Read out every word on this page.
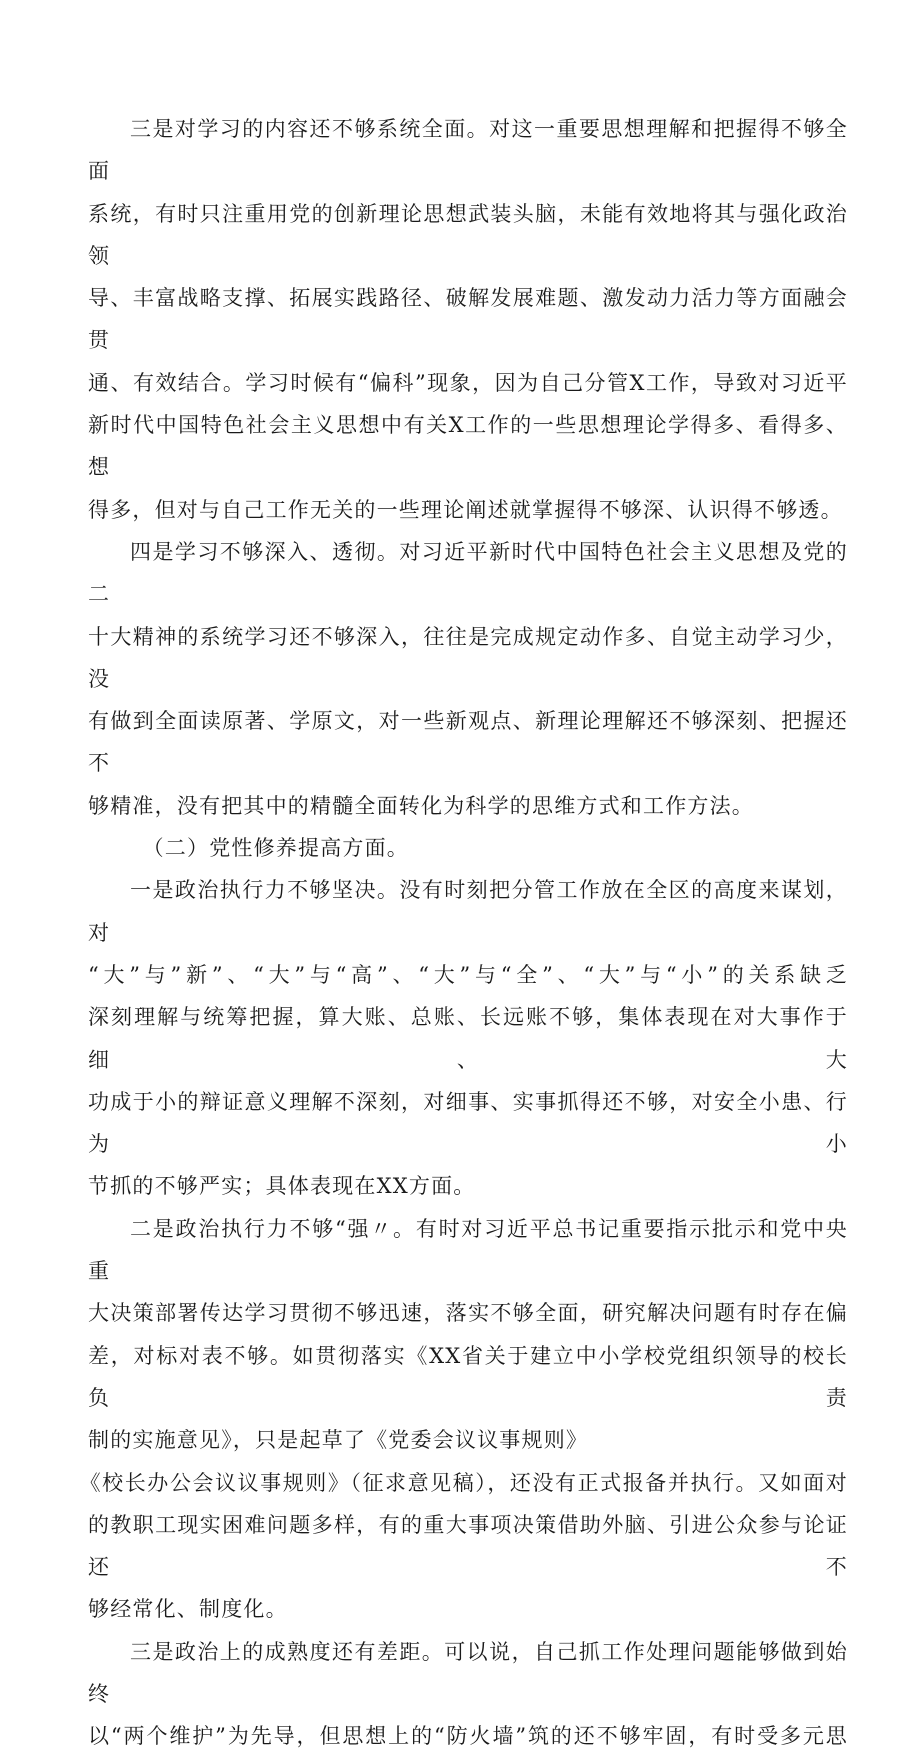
三是对学习的内容还不够系统全面。对这一重要思想理解和把握得不够全面

系统，有时只注重用党的创新理论思想武装头脑，未能有效地将其与强化政治领

导、丰富战略支撑、拓展实践路径、破解发展难题、激发动力活力等方面融会贯

通、有效结合。学习时候有“偏科”现象，因为自己分管X工作，导致对习近平

新时代中国特色社会主义思想中有关X工作的一些思想理论学得多、看得多、想

得多，但对与自己工作无关的一些理论阐述就掌握得不够深、认识得不够透。

四是学习不够深入、透彻。对习近平新时代中国特色社会主义思想及党的二

十大精神的系统学习还不够深入，往往是完成规定动作多、自觉主动学习少，没

有做到全面读原著、学原文，对一些新观点、新理论理解还不够深刻、把握还不

够精准，没有把其中的精髓全面转化为科学的思维方式和工作方法。

（二）党性修养提高方面。

一是政治执行力不够坚决。没有时刻把分管工作放在全区的高度来谋划，对

“大”与”新”、“大”与“高”、“大”与“全”、“大”与“小”的关系缺乏

深刻理解与统筹把握，算大账、总账、长远账不够，集体表现在对大事作于细、大

功成于小的辩证意义理解不深刻，对细事、实事抓得还不够，对安全小患、行为小

节抓的不够严实；具体表现在XX方面。

二是政治执行力不够“强〃。有时对习近平总书记重要指示批示和党中央重

大决策部署传达学习贯彻不够迅速，落实不够全面，研究解决问题有时存在偏

差，对标对表不够。如贯彻落实《XX省关于建立中小学校党组织领导的校长负责

制的实施意见》，只是起草了《党委会议议事规则》

《校长办公会议议事规则》（征求意见稿），还没有正式报备并执行。又如面对

的教职工现实困难问题多样，有的重大事项决策借助外脑、引进公众参与论证还不

够经常化、制度化。

三是政治上的成熟度还有差距。可以说，自己抓工作处理问题能够做到始终

以“两个维护”为先导，但思想上的“防火墙”筑的还不够牢固，有时受多元思
